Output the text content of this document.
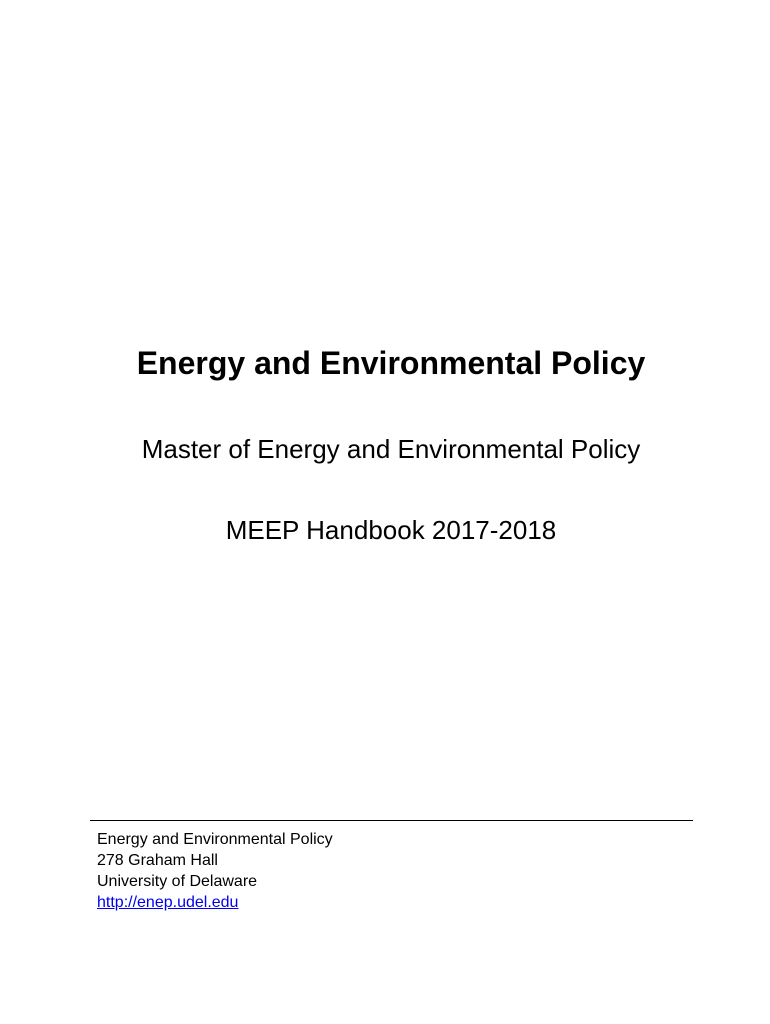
Energy and Environmental Policy

Master of Energy and Environmental Policy

MEEP Handbook 2017-2018

Energy and Environmental Policy
278 Graham Hall
University of Delaware
http://enep.udel.edu
